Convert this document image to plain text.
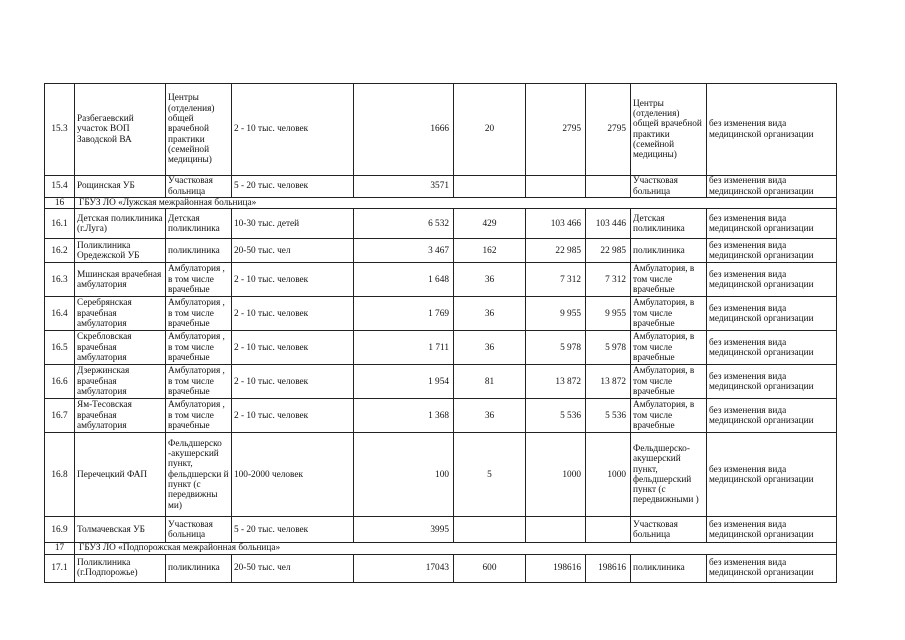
15.3	Разбегаевский участок ВОП Заводской ВА	Центры (отделения) общей врачебной практики (семейной медицины)	2 - 10 тыс. человек	1666	20	2795	2795	Центры (отделения) общей врачебной практики (семейной медицины)	без изменения вида медицинской организации
15.4	Рощинская УБ	Участковая больница	5 - 20 тыс. человек	3571				Участковая больница	без изменения вида медицинской организации
16	ГБУЗ ЛО «Лужская межрайонная больница»								
16.1	Детская поликлиника (г.Луга)	Детская поликлиника	10-30 тыс. детей	6 532	429	103 466	103 446	Детская поликлиника	без изменения вида медицинской организации
16.2	Поликлиника Оредежской УБ	поликлиника	20-50 тыс. чел	3 467	162	22 985	22 985	поликлиника	без изменения вида медицинской организации
16.3	Мшинская врачебная амбулатория	Амбулатория , в том числе врачебные	2 - 10 тыс. человек	1 648	36	7 312	7 312	Амбулатория, в том числе врачебные	без изменения вида медицинской организации
16.4	Серебрянская врачебная амбулатория	Амбулатория , в том числе врачебные	2 - 10 тыс. человек	1 769	36	9 955	9 955	Амбулатория, в том числе врачебные	без изменения вида медицинской организации
16.5	Скребловская врачебная амбулатория	Амбулатория , в том числе врачебные	2 - 10 тыс. человек	1 711	36	5 978	5 978	Амбулатория, в том числе врачебные	без изменения вида медицинской организации
16.6	Дзержинская врачебная амбулатория	Амбулатория , в том числе врачебные	2 - 10 тыс. человек	1 954	81	13 872	13 872	Амбулатория, в том числе врачебные	без изменения вида медицинской организации
16.7	Ям-Тесовская врачебная амбулатория	Амбулатория , в том числе врачебные	2 - 10 тыс. человек	1 368	36	5 536	5 536	Амбулатория, в том числе врачебные	без изменения вида медицинской организации
16.8	Перечецкий ФАП	Фельдшерско -акушерский пункт, фельдшерски й пункт (с передвижны ми)	100-2000 человек	100	5	1000	1000	Фельдшерско-акушерский пункт, фельдшерский пункт (с передвижными )	без изменения вида медицинской организации
16.9	Толмачевская УБ	Участковая больница	5 - 20 тыс. человек	3995				Участковая больница	без изменения вида медицинской организации
17	ГБУЗ ЛО «Подпорожская межрайонная больница»								
17.1	Поликлиника (г.Подпорожье)	поликлиника	20-50 тыс. чел	17043	600	198616	198616	поликлиника	без изменения вида медицинской организации
